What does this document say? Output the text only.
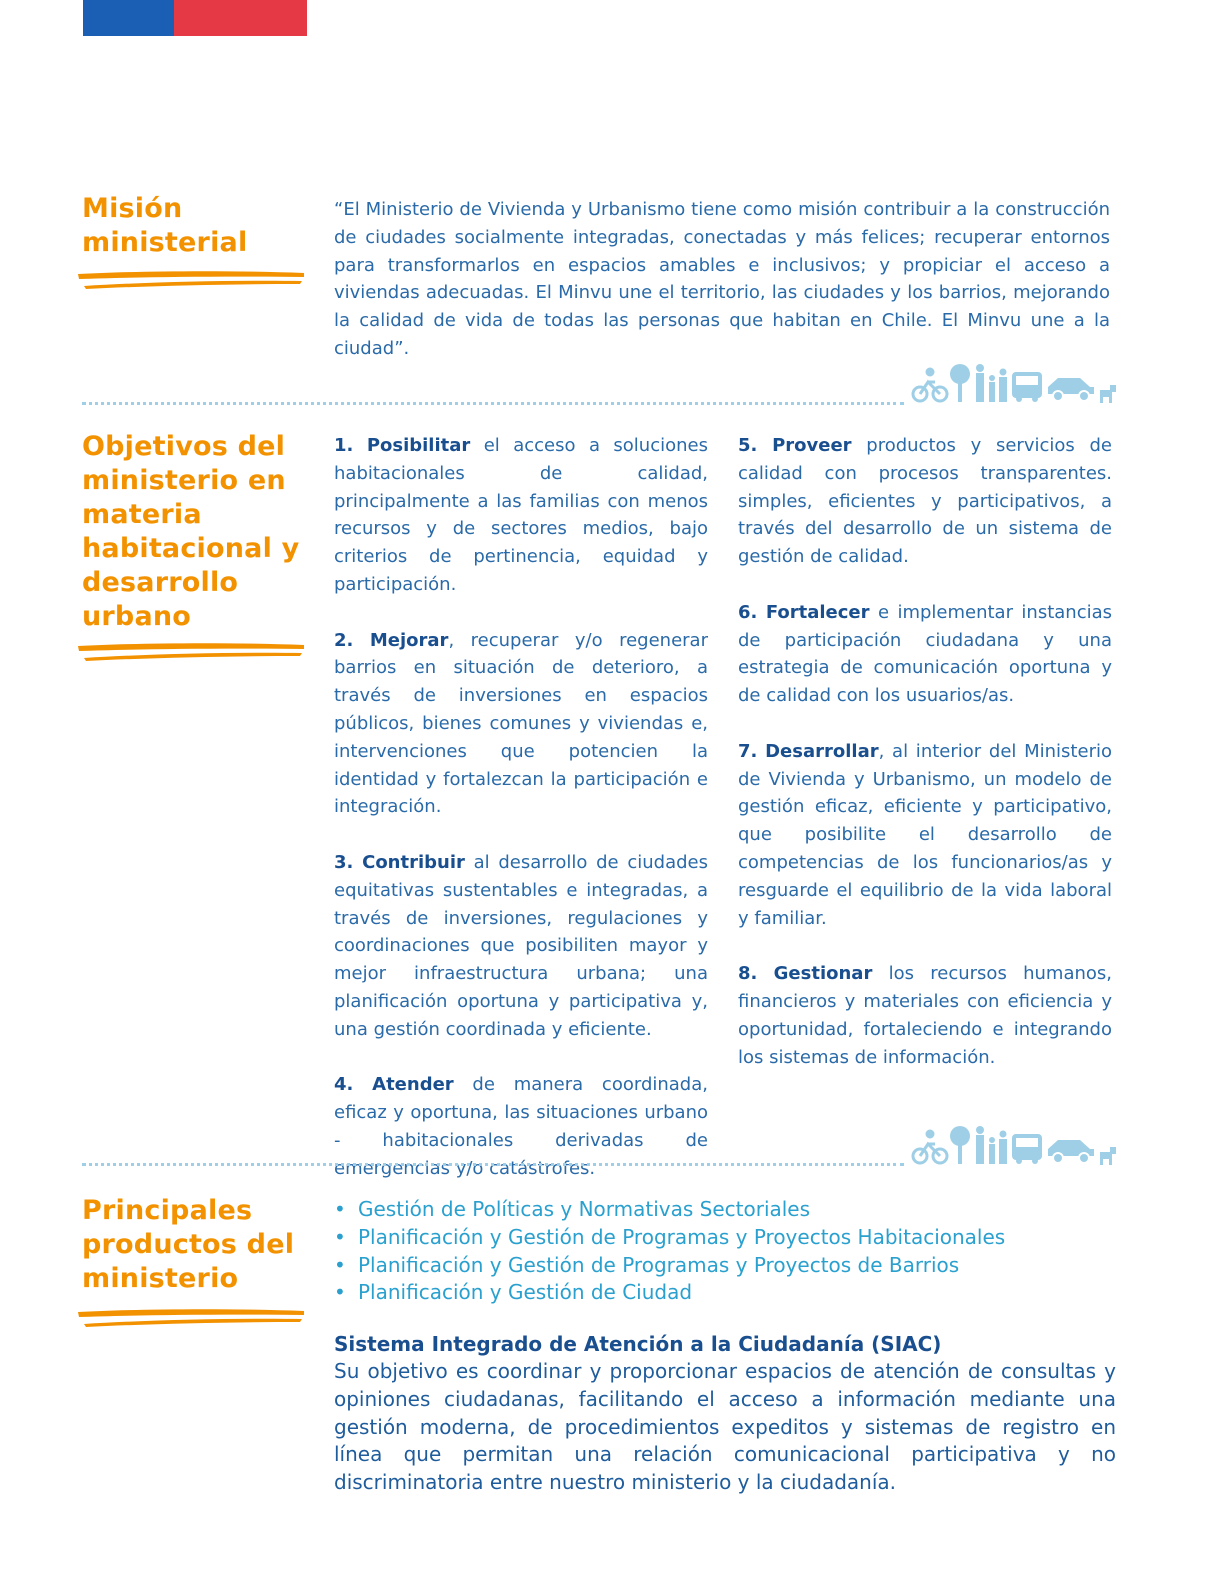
Misión
ministerial

“El Ministerio de Vivienda y Urbanismo tiene como misión contribuir a la construcción de ciudades socialmente integradas, conectadas y más felices; recuperar entornos para transformarlos en espacios amables e inclusivos; y propiciar el acceso a viviendas adecuadas. El Minvu une el territorio, las ciudades y los barrios, mejorando la calidad de vida de todas las personas que habitan en Chile. El Minvu une a la ciudad”.

Objetivos del
ministerio en
materia
habitacional y
desarrollo
urbano

1. Posibilitar el acceso a soluciones habitacionales de calidad, principalmente a las familias con menos recursos y de sectores medios, bajo criterios de pertinencia, equidad y participación.

2. Mejorar, recuperar y/o regenerar barrios en situación de deterioro, a través de inversiones en espacios públicos, bienes comunes y viviendas e, intervenciones que potencien la identidad y fortalezcan la participación e integración.

3. Contribuir al desarrollo de ciudades equitativas sustentables e integradas, a través de inversiones, regulaciones y coordinaciones que posibiliten mayor y mejor infraestructura urbana; una planificación oportuna y participativa y, una gestión coordinada y eficiente.

4. Atender de manera coordinada, eficaz y oportuna, las situaciones urbano - habitacionales derivadas de emergencias y/o catástrofes.

5. Proveer productos y servicios de calidad con procesos transparentes. simples, eficientes y participativos, a través del desarrollo de un sistema de gestión de calidad.

6. Fortalecer e implementar instancias de participación ciudadana y una estrategia de comunicación oportuna y de calidad con los usuarios/as.

7. Desarrollar, al interior del Ministerio de Vivienda y Urbanismo, un modelo de gestión eficaz, eficiente y participativo, que posibilite el desarrollo de competencias de los funcionarios/as y resguarde el equilibrio de la vida laboral y familiar.

8. Gestionar los recursos humanos, financieros y materiales con eficiencia y oportunidad, fortaleciendo e integrando los sistemas de información.

Principales
productos del
ministerio
• Gestión de Políticas y Normativas Sectoriales
• Planificación y Gestión de Programas y Proyectos Habitacionales
• Planificación y Gestión de Programas y Proyectos de Barrios
• Planificación y Gestión de Ciudad
Sistema Integrado de Atención a la Ciudadanía (SIAC)

Su objetivo es coordinar y proporcionar espacios de atención de consultas y opiniones ciudadanas, facilitando el acceso a información mediante una gestión moderna, de procedimientos expeditos y sistemas de registro en línea que permitan una relación comunicacional participativa y no discriminatoria entre nuestro ministerio y la ciudadanía.
